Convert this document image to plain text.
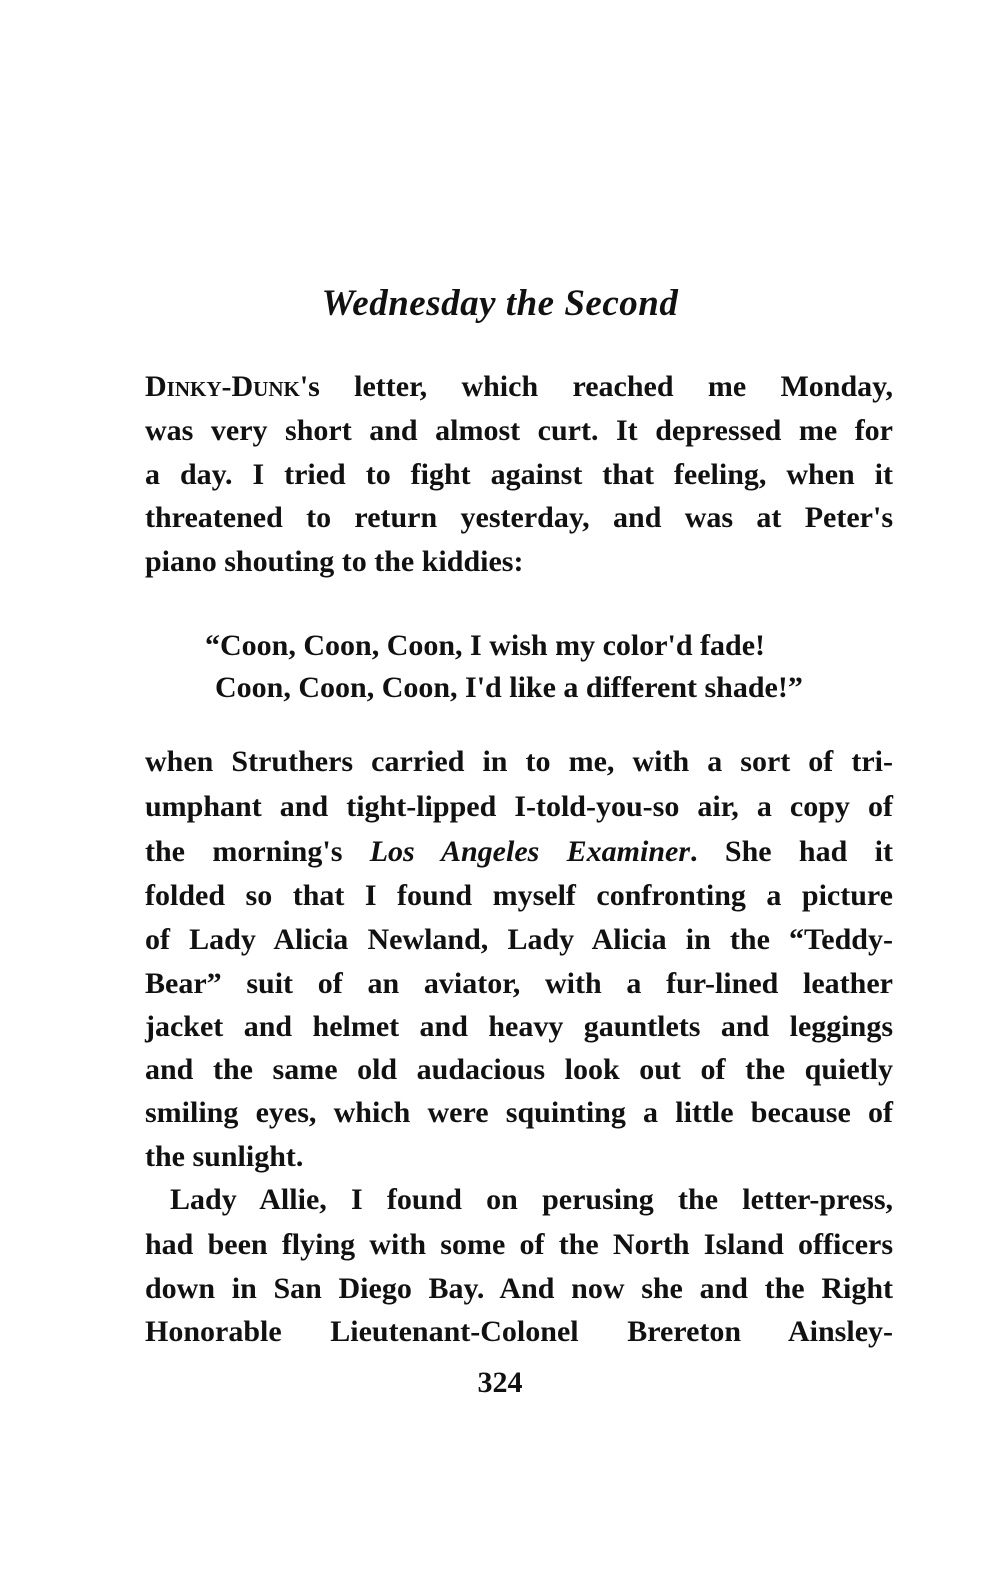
Wednesday the Second
Dinky-Dunk's letter, which reached me Monday,
was very short and almost curt. It depressed me for
a day. I tried to fight against that feeling, when it
threatened to return yesterday, and was at Peter's
piano shouting to the kiddies:
“Coon, Coon, Coon, I wish my color'd fade!
Coon, Coon, Coon, I'd like a different shade!”
when Struthers carried in to me, with a sort of tri-
umphant and tight-lipped I-told-you-so air, a copy of
the morning's Los Angeles Examiner. She had it
folded so that I found myself confronting a picture
of Lady Alicia Newland, Lady Alicia in the “Teddy-
Bear” suit of an aviator, with a fur-lined leather
jacket and helmet and heavy gauntlets and leggings
and the same old audacious look out of the quietly
smiling eyes, which were squinting a little because of
the sunlight.
Lady Allie, I found on perusing the letter-press,
had been flying with some of the North Island officers
down in San Diego Bay. And now she and the Right
Honorable Lieutenant-Colonel Brereton Ainsley-
324
